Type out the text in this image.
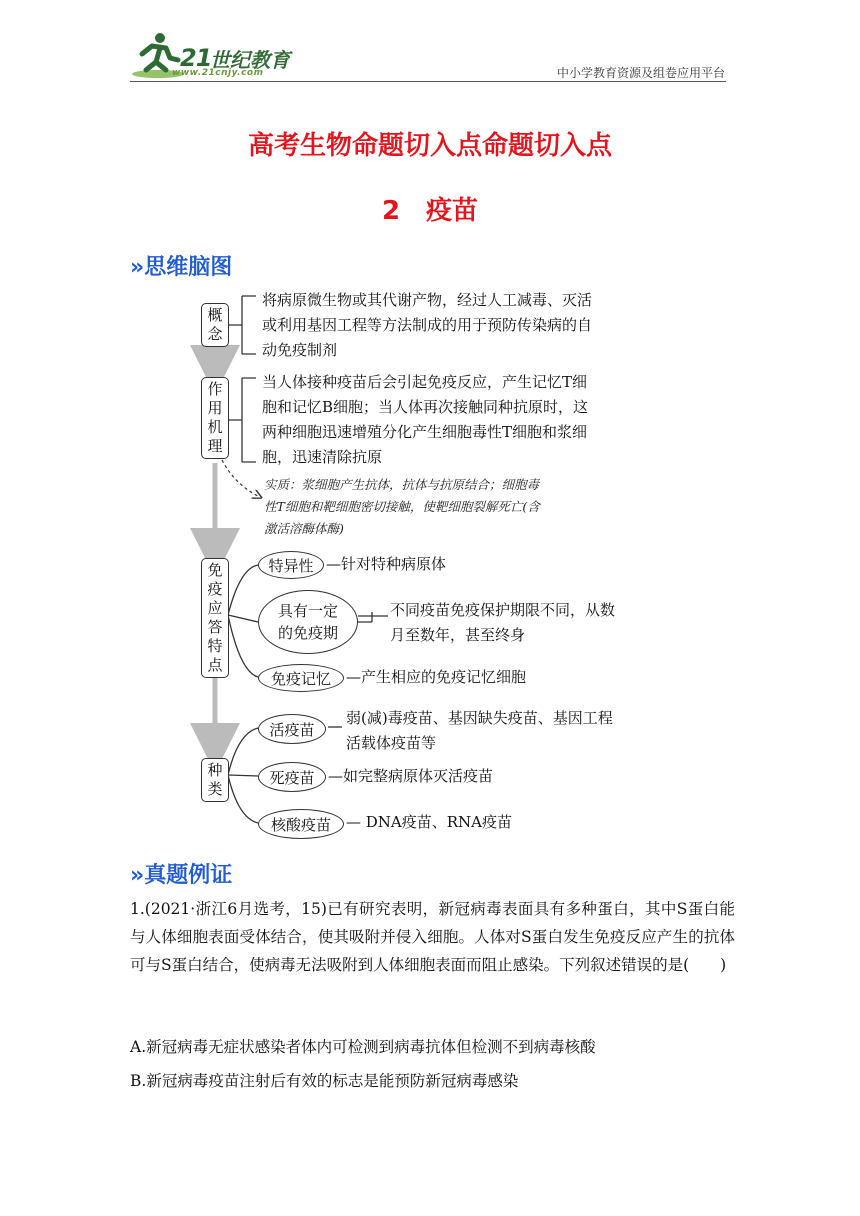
21
世纪教育
www.21cnjy.com	中小学教育资源及组卷应用平台
高考生物命题切入点命题切入点
2　疫苗
»思维脑图
概
念
将病原微生物或其代谢产物，经过人工减毒、灭活
或利用基因工程等方法制成的用于预防传染病的自
动免疫制剂
作
用
机
理
当人体接种疫苗后会引起免疫反应，产生记忆T细
胞和记忆B细胞；当人体再次接触同种抗原时，这
两种细胞迅速增殖分化产生细胞毒性T细胞和浆细
胞，迅速清除抗原
实质：浆细胞产生抗体，抗体与抗原结合；细胞毒
性T细胞和靶细胞密切接触，使靶细胞裂解死亡(含
激活溶酶体酶)
免
疫
应
答
特
点
特异性 —针对特种病原体
具有一定
的免疫期
不同疫苗免疫保护期限不同，从数
月至数年，甚至终身
免疫记忆	—产生相应的免疫记忆细胞
种
类
活疫苗
弱(减)毒疫苗、基因缺失疫苗、基因工程
活载体疫苗等
死疫苗 —如完整病原体灭活疫苗
核酸疫苗	— DNA疫苗、RNA疫苗
»真题例证
1.(2021·浙江6月选考，15)已有研究表明，新冠病毒表面具有多种蛋白，其中S蛋白能与人体细胞表面受体结合，使其吸附并侵入细胞。人体对S蛋白发生免疫反应产生的抗体可与S蛋白结合，使病毒无法吸附到人体细胞表面而阻止感染。下列叙述错误的是(　　)
A.新冠病毒无症状感染者体内可检测到病毒抗体但检测不到病毒核酸
B.新冠病毒疫苗注射后有效的标志是能预防新冠病毒感染
